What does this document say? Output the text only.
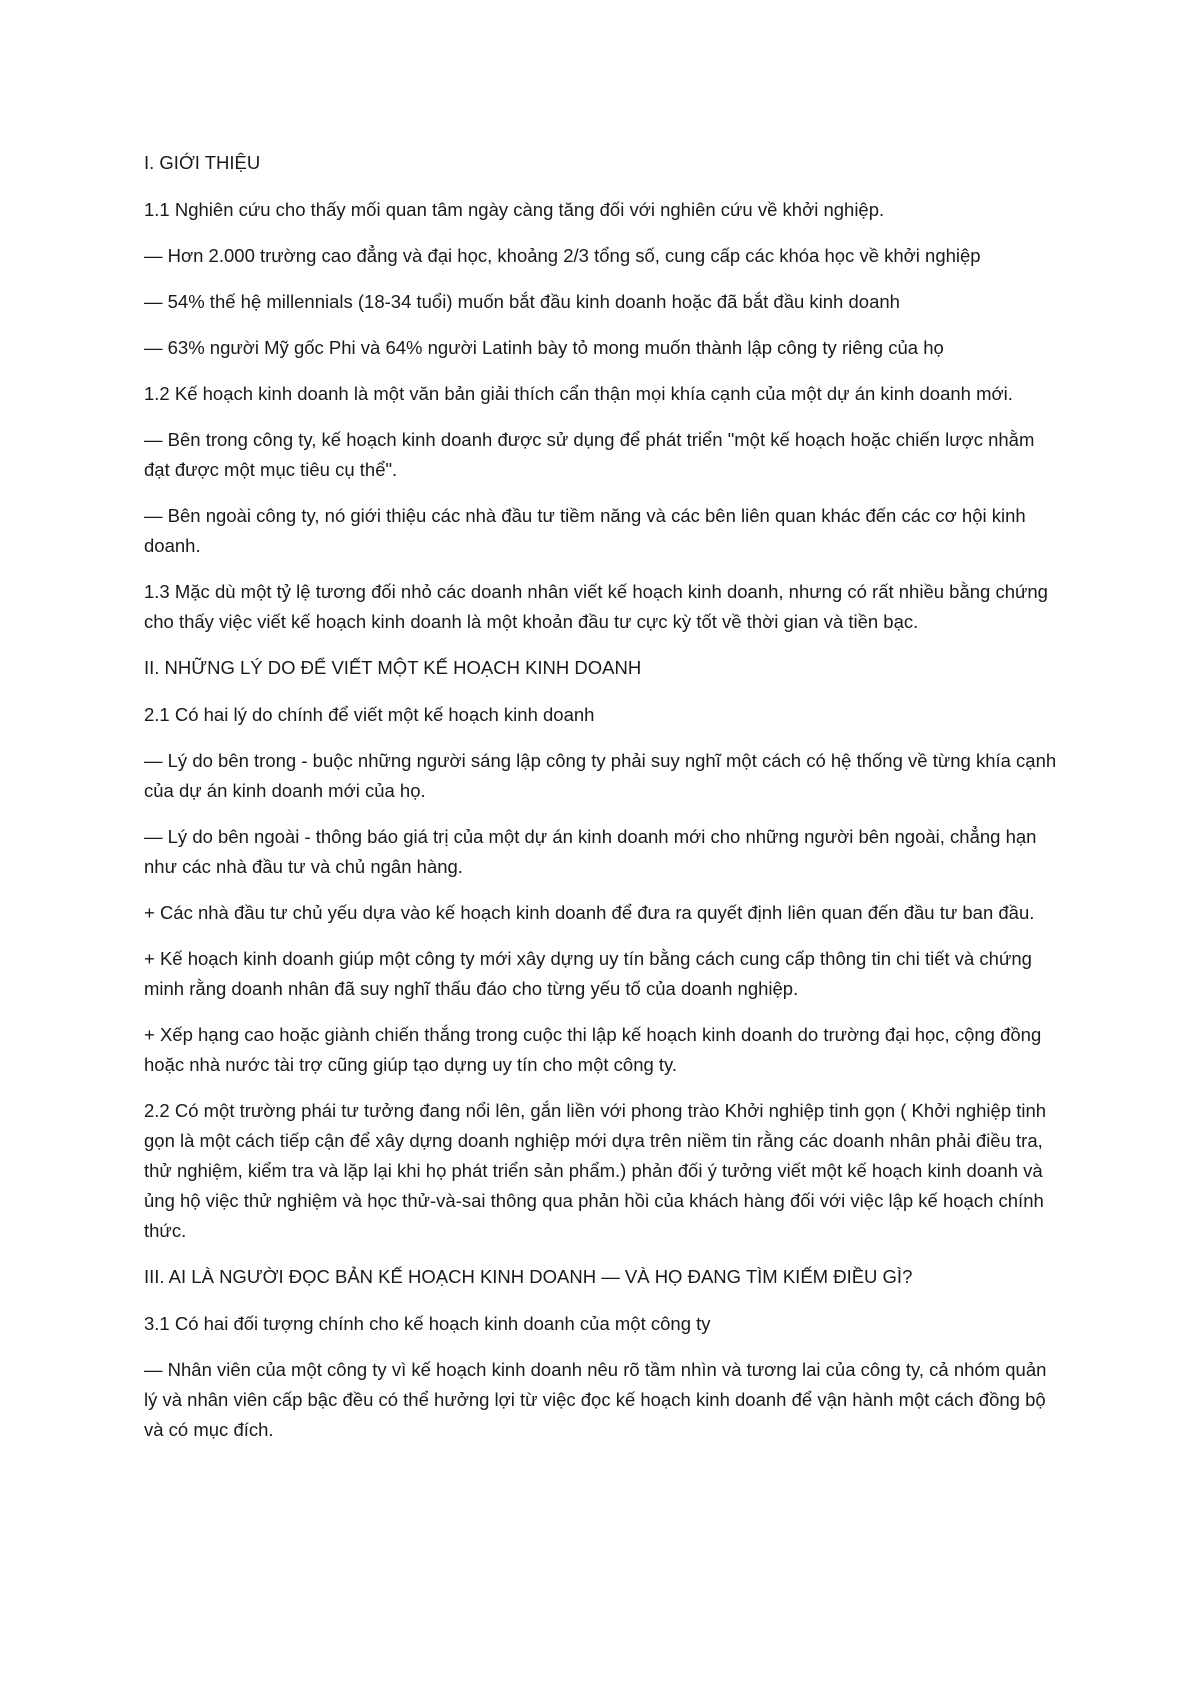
I. GIỚI THIỆU

1.1 Nghiên cứu cho thấy mối quan tâm ngày càng tăng đối với nghiên cứu về khởi nghiệp.

— Hơn 2.000 trường cao đẳng và đại học, khoảng 2/3 tổng số, cung cấp các khóa học về khởi nghiệp

— 54% thế hệ millennials (18-34 tuổi) muốn bắt đầu kinh doanh hoặc đã bắt đầu kinh doanh

— 63% người Mỹ gốc Phi và 64% người Latinh bày tỏ mong muốn thành lập công ty riêng của họ

1.2 Kế hoạch kinh doanh là một văn bản giải thích cẩn thận mọi khía cạnh của một dự án kinh doanh mới.

— Bên trong công ty, kế hoạch kinh doanh được sử dụng để phát triển "một kế hoạch hoặc chiến lược nhằm đạt được một mục tiêu cụ thể".

— Bên ngoài công ty, nó giới thiệu các nhà đầu tư tiềm năng và các bên liên quan khác đến các cơ hội kinh doanh.

1.3 Mặc dù một tỷ lệ tương đối nhỏ các doanh nhân viết kế hoạch kinh doanh, nhưng có rất nhiều bằng chứng cho thấy việc viết kế hoạch kinh doanh là một khoản đầu tư cực kỳ tốt về thời gian và tiền bạc.

II. NHỮNG LÝ DO ĐỂ VIẾT MỘT KẾ HOẠCH KINH DOANH

2.1 Có hai lý do chính để viết một kế hoạch kinh doanh

— Lý do bên trong - buộc những người sáng lập công ty phải suy nghĩ một cách có hệ thống về từng khía cạnh của dự án kinh doanh mới của họ.

— Lý do bên ngoài - thông báo giá trị của một dự án kinh doanh mới cho những người bên ngoài, chẳng hạn như các nhà đầu tư và chủ ngân hàng.

+ Các nhà đầu tư chủ yếu dựa vào kế hoạch kinh doanh để đưa ra quyết định liên quan đến đầu tư ban đầu.

+ Kế hoạch kinh doanh giúp một công ty mới xây dựng uy tín bằng cách cung cấp thông tin chi tiết và chứng minh rằng doanh nhân đã suy nghĩ thấu đáo cho từng yếu tố của doanh nghiệp.

+ Xếp hạng cao hoặc giành chiến thắng trong cuộc thi lập kế hoạch kinh doanh do trường đại học, cộng đồng hoặc nhà nước tài trợ cũng giúp tạo dựng uy tín cho một công ty.

2.2 Có một trường phái tư tưởng đang nổi lên, gắn liền với phong trào Khởi nghiệp tinh gọn ( Khởi nghiệp tinh gọn là một cách tiếp cận để xây dựng doanh nghiệp mới dựa trên niềm tin rằng các doanh nhân phải điều tra, thử nghiệm, kiểm tra và lặp lại khi họ phát triển sản phẩm.) phản đối ý tưởng viết một kế hoạch kinh doanh và ủng hộ việc thử nghiệm và học thử-và-sai thông qua phản hồi của khách hàng đối với việc lập kế hoạch chính thức.

III. AI LÀ NGƯỜI ĐỌC BẢN KẾ HOẠCH KINH DOANH — VÀ HỌ ĐANG TÌM KIẾM ĐIỀU GÌ?

3.1 Có hai đối tượng chính cho kế hoạch kinh doanh của một công ty

— Nhân viên của một công ty vì kế hoạch kinh doanh nêu rõ tầm nhìn và tương lai của công ty, cả nhóm quản lý và nhân viên cấp bậc đều có thể hưởng lợi từ việc đọc kế hoạch kinh doanh để vận hành một cách đồng bộ và có mục đích.
